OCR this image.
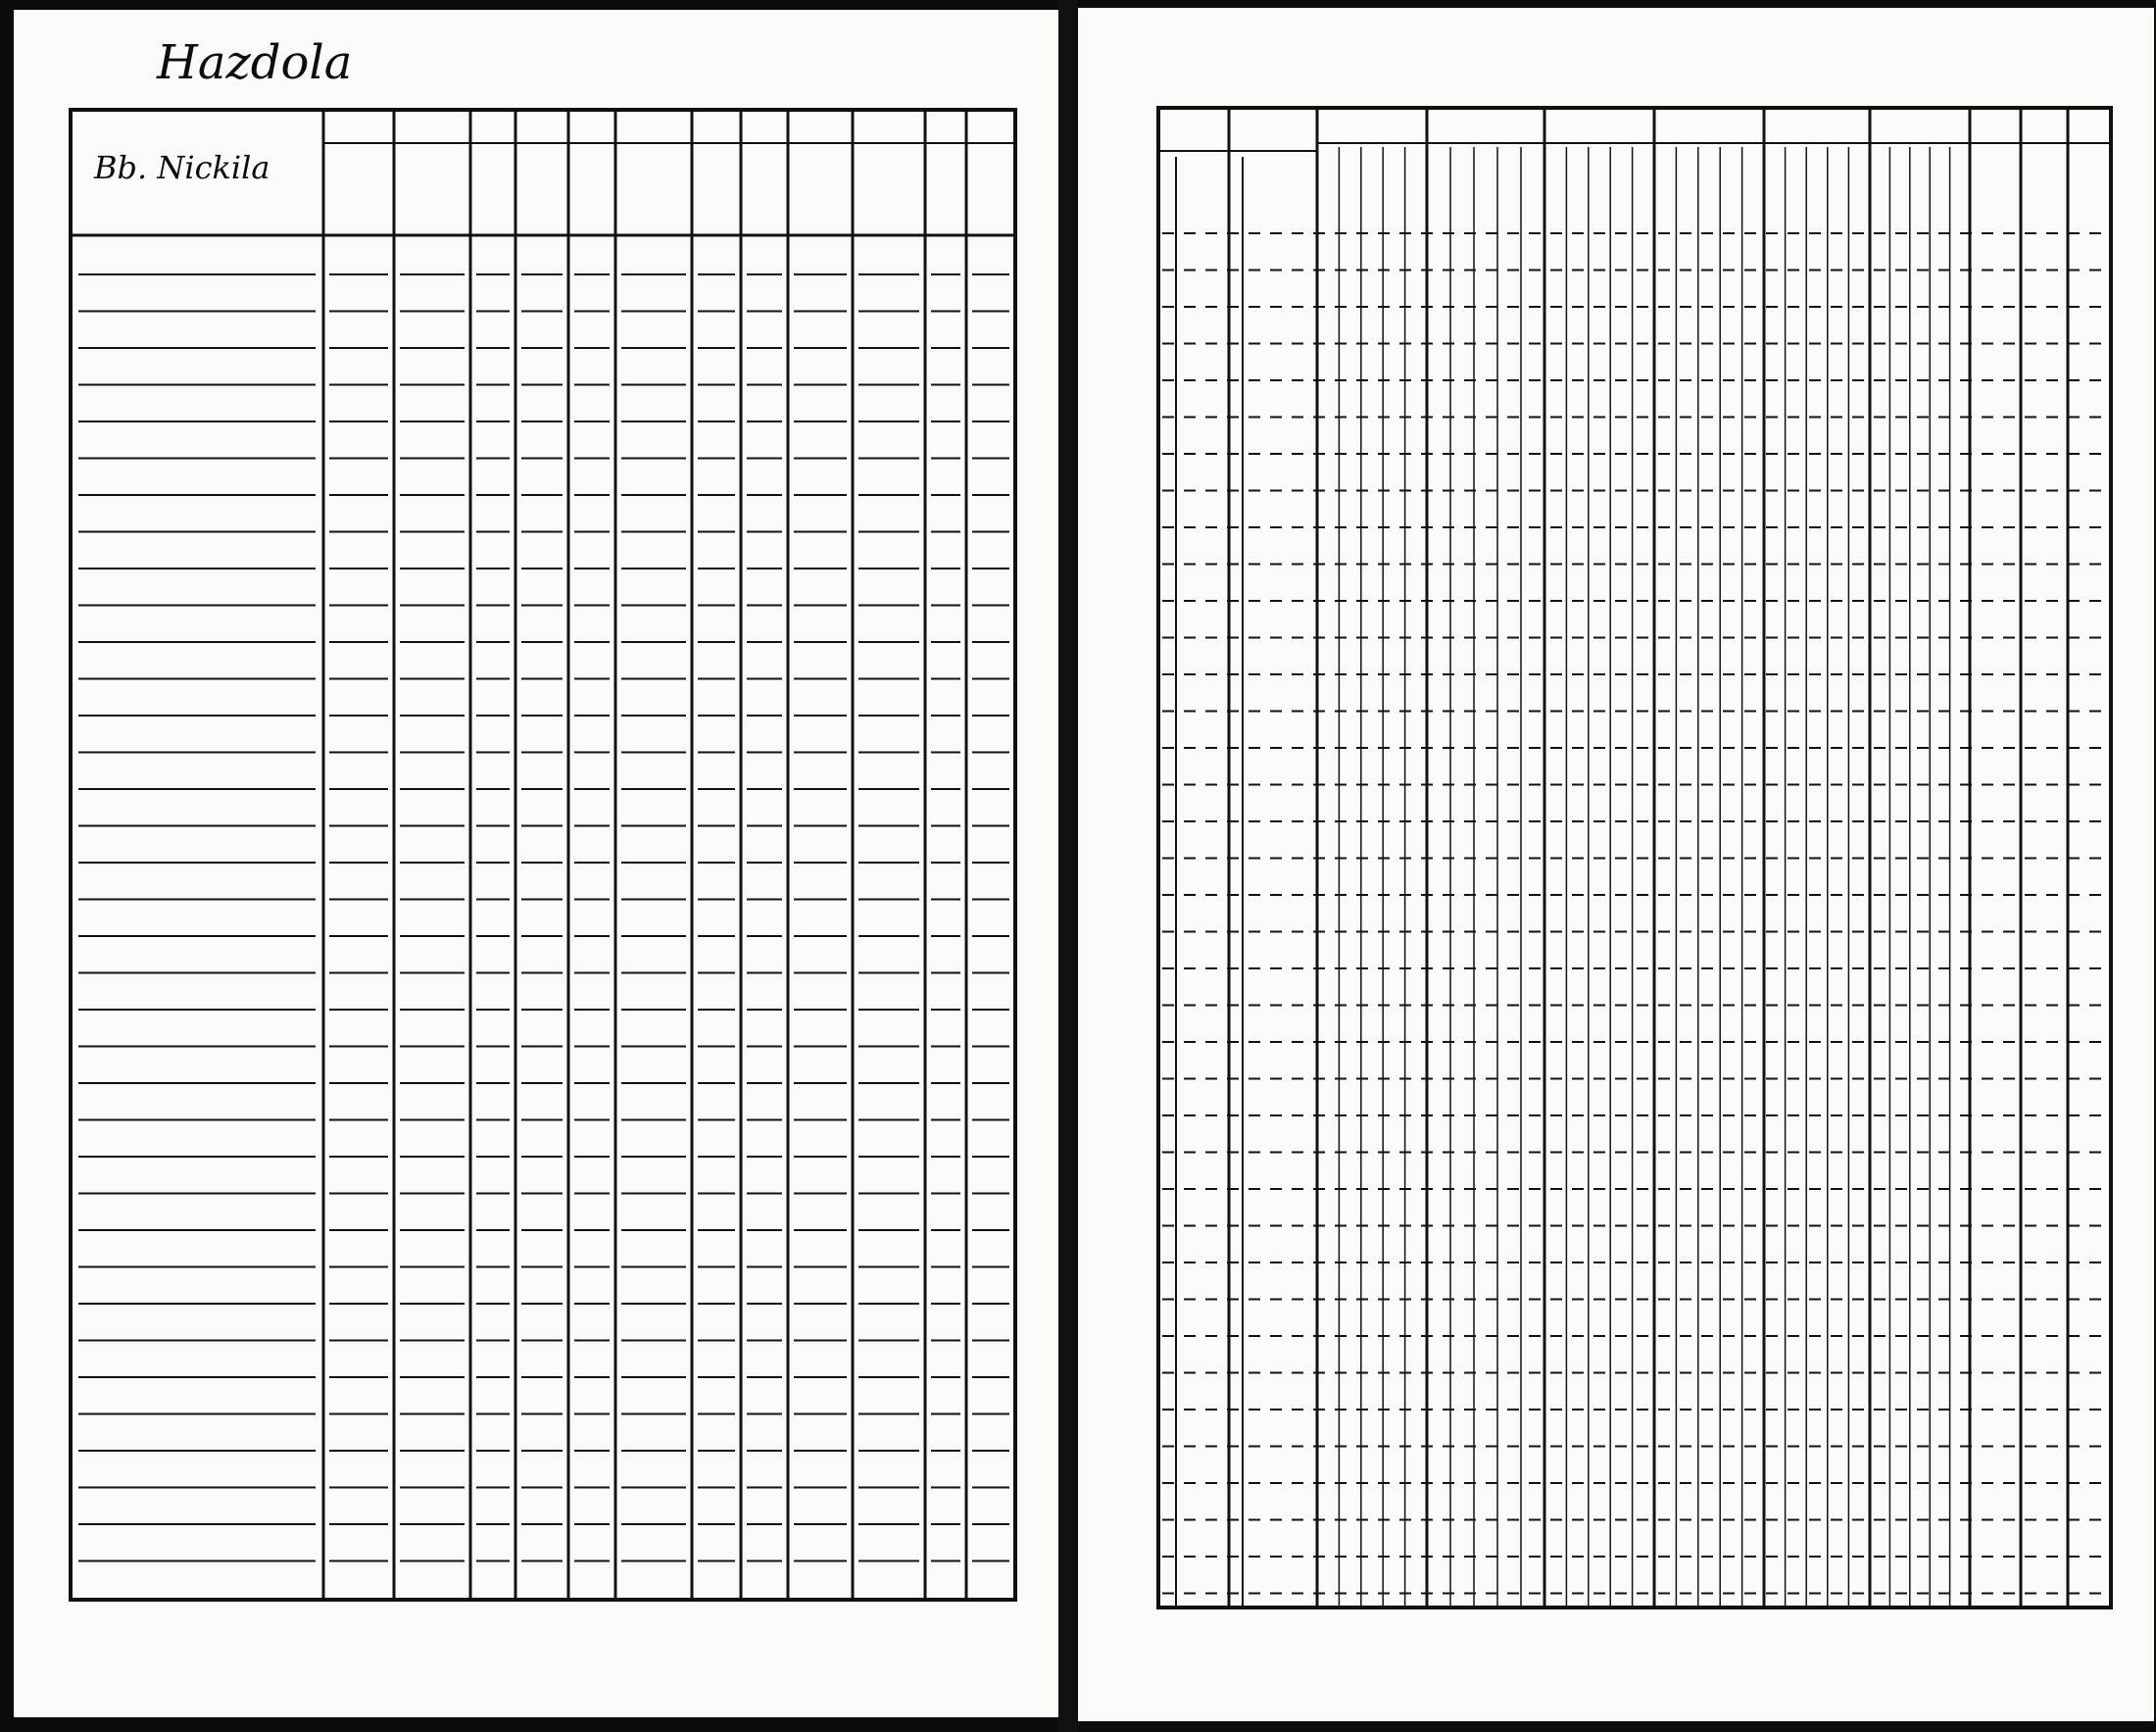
Hazdola
Bb. Nickila
